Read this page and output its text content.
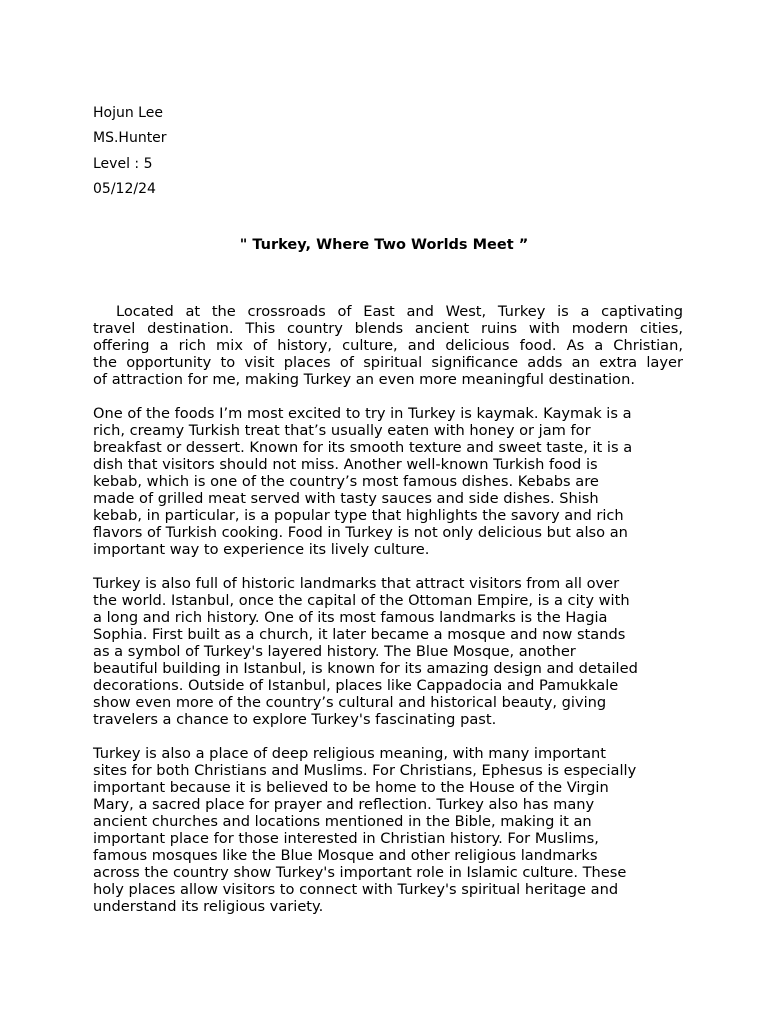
Hojun Lee
MS.Hunter
Level : 5
05/12/24
" Turkey, Where Two Worlds Meet ”
Located at the crossroads of East and West, Turkey is a captivating
travel destination. This country blends ancient ruins with modern cities,
offering a rich mix of history, culture, and delicious food. As a Christian,
the opportunity to visit places of spiritual significance adds an extra layer
of attraction for me, making Turkey an even more meaningful destination.
One of the foods I’m most excited to try in Turkey is kaymak. Kaymak is a
rich, creamy Turkish treat that’s usually eaten with honey or jam for
breakfast or dessert. Known for its smooth texture and sweet taste, it is a
dish that visitors should not miss. Another well-known Turkish food is
kebab, which is one of the country’s most famous dishes. Kebabs are
made of grilled meat served with tasty sauces and side dishes. Shish
kebab, in particular, is a popular type that highlights the savory and rich
flavors of Turkish cooking. Food in Turkey is not only delicious but also an
important way to experience its lively culture.
Turkey is also full of historic landmarks that attract visitors from all over
the world. Istanbul, once the capital of the Ottoman Empire, is a city with
a long and rich history. One of its most famous landmarks is the Hagia
Sophia. First built as a church, it later became a mosque and now stands
as a symbol of Turkey's layered history. The Blue Mosque, another
beautiful building in Istanbul, is known for its amazing design and detailed
decorations. Outside of Istanbul, places like Cappadocia and Pamukkale
show even more of the country’s cultural and historical beauty, giving
travelers a chance to explore Turkey's fascinating past.
Turkey is also a place of deep religious meaning, with many important
sites for both Christians and Muslims. For Christians, Ephesus is especially
important because it is believed to be home to the House of the Virgin
Mary, a sacred place for prayer and reflection. Turkey also has many
ancient churches and locations mentioned in the Bible, making it an
important place for those interested in Christian history. For Muslims,
famous mosques like the Blue Mosque and other religious landmarks
across the country show Turkey's important role in Islamic culture. These
holy places allow visitors to connect with Turkey's spiritual heritage and
understand its religious variety.
